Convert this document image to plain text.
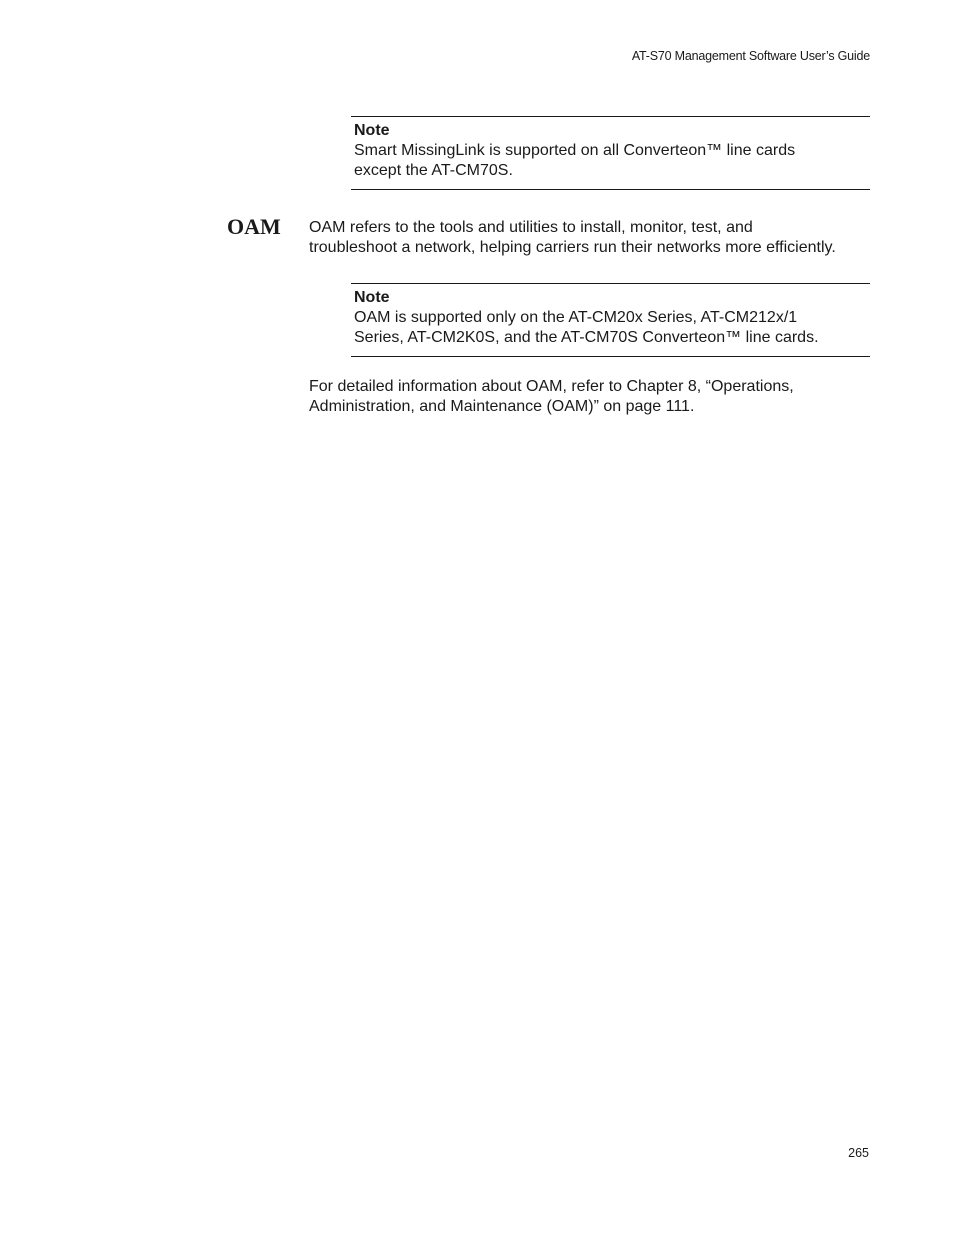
AT-S70 Management Software User’s Guide
Note
Smart MissingLink is supported on all Converteon™ line cards
except the AT-CM70S.
OAM OAM refers to the tools and utilities to install, monitor, test, and
troubleshoot a network, helping carriers run their networks more efficiently.
Note
OAM is supported only on the AT-CM20x Series, AT-CM212x/1
Series, AT-CM2K0S, and the AT-CM70S Converteon™ line cards.
For detailed information about OAM, refer to Chapter 8, “Operations,
Administration, and Maintenance (OAM)” on page 111.
265
